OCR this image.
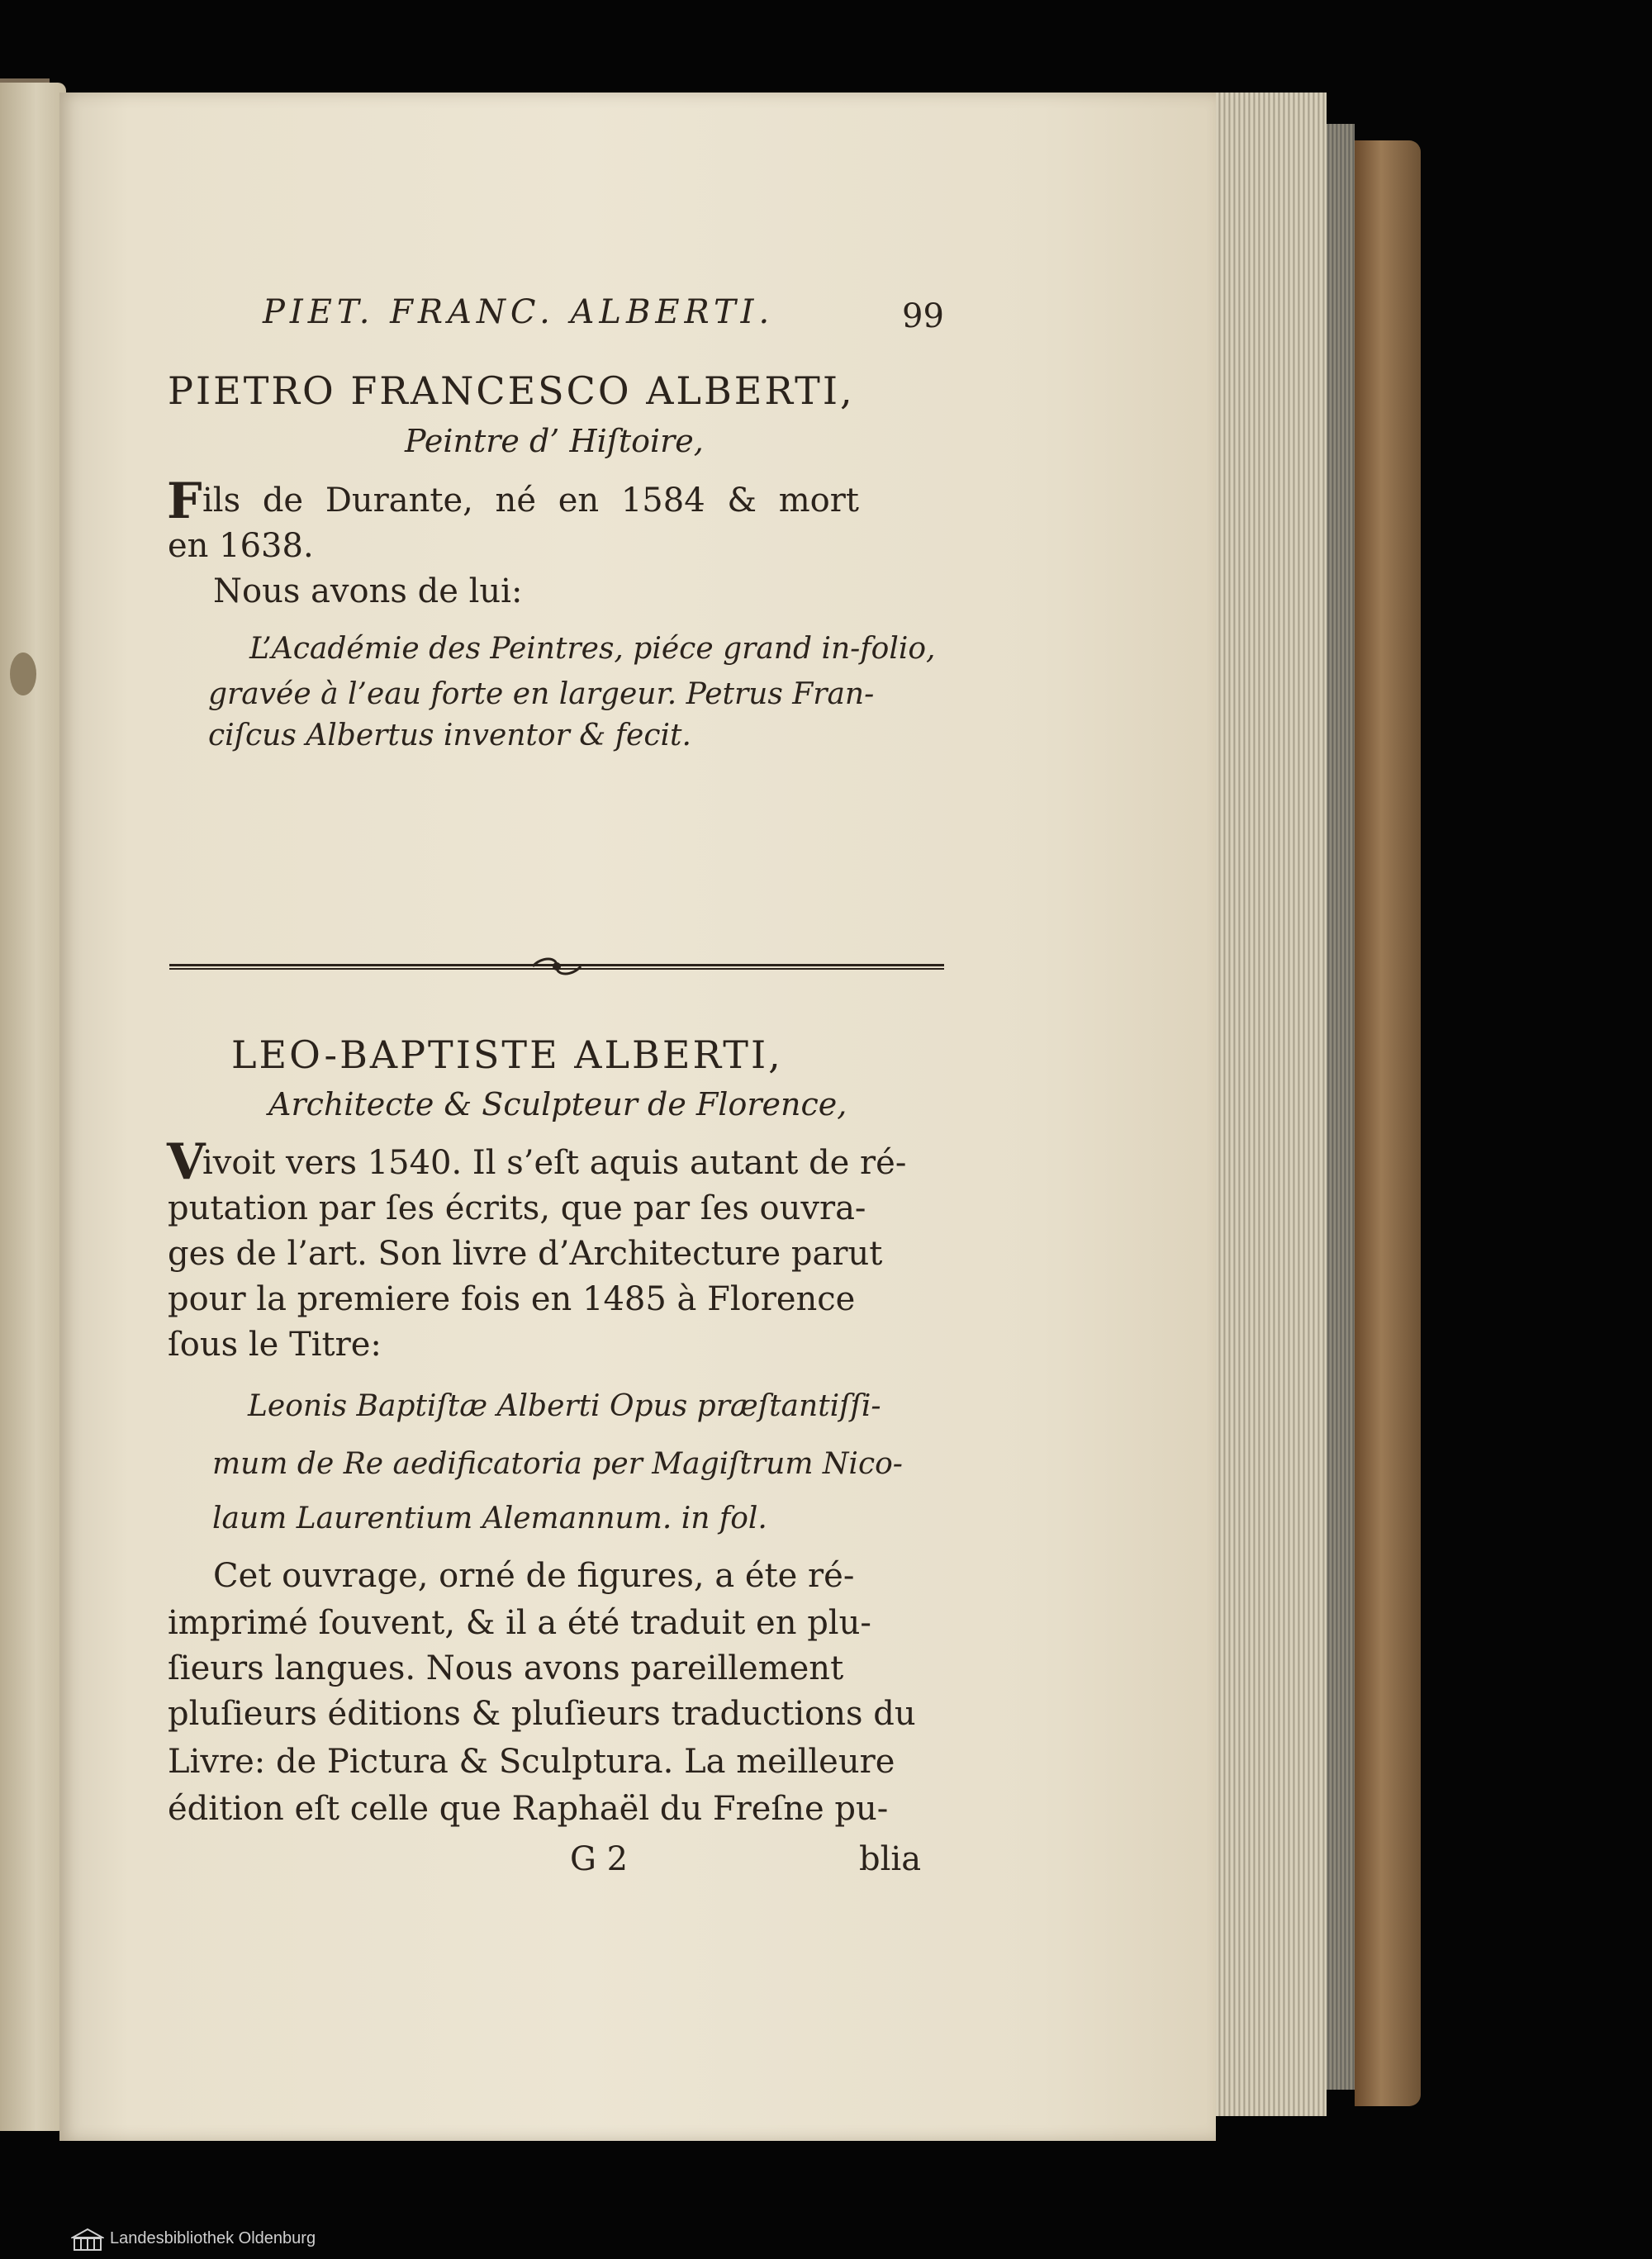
PIET. FRANC. ALBERTI.	99
PIETRO FRANCESCO ALBERTI,
Peintre d’ Hiſtoire,
F ils de Durante, né en 1584 & mort
en 1638.
Nous avons de lui:
L’Académie des Peintres, piéce grand in-folio,
gravée à l’eau forte en largeur. Petrus Fran-
ciſcus Albertus inventor & fecit.
LEO-BAPTISTE ALBERTI,
Architecte & Sculpteur de Florence,
V
ivoit vers 1540. Il s’eſt aquis autant de ré-
putation par ſes écrits, que par ſes ouvra-
ges de l’art. Son livre d’Architecture parut
pour la premiere fois en 1485 à Florence
ſous le Titre:
Leonis Baptiſtæ Alberti Opus præſtantiſſi-
mum de Re aedificatoria per Magiſtrum Nico-
laum Laurentium Alemannum. in fol.
Cet ouvrage, orné de figures, a éte ré-
imprimé ſouvent, & il a été traduit en plu-
ſieurs langues. Nous avons pareillement
pluſieurs éditions & pluſieurs traductions du
Livre: de Pictura & Sculptura. La meilleure
édition eſt celle que Raphaël du Freſne pu-
G 2	blia
Landesbibliothek Oldenburg
